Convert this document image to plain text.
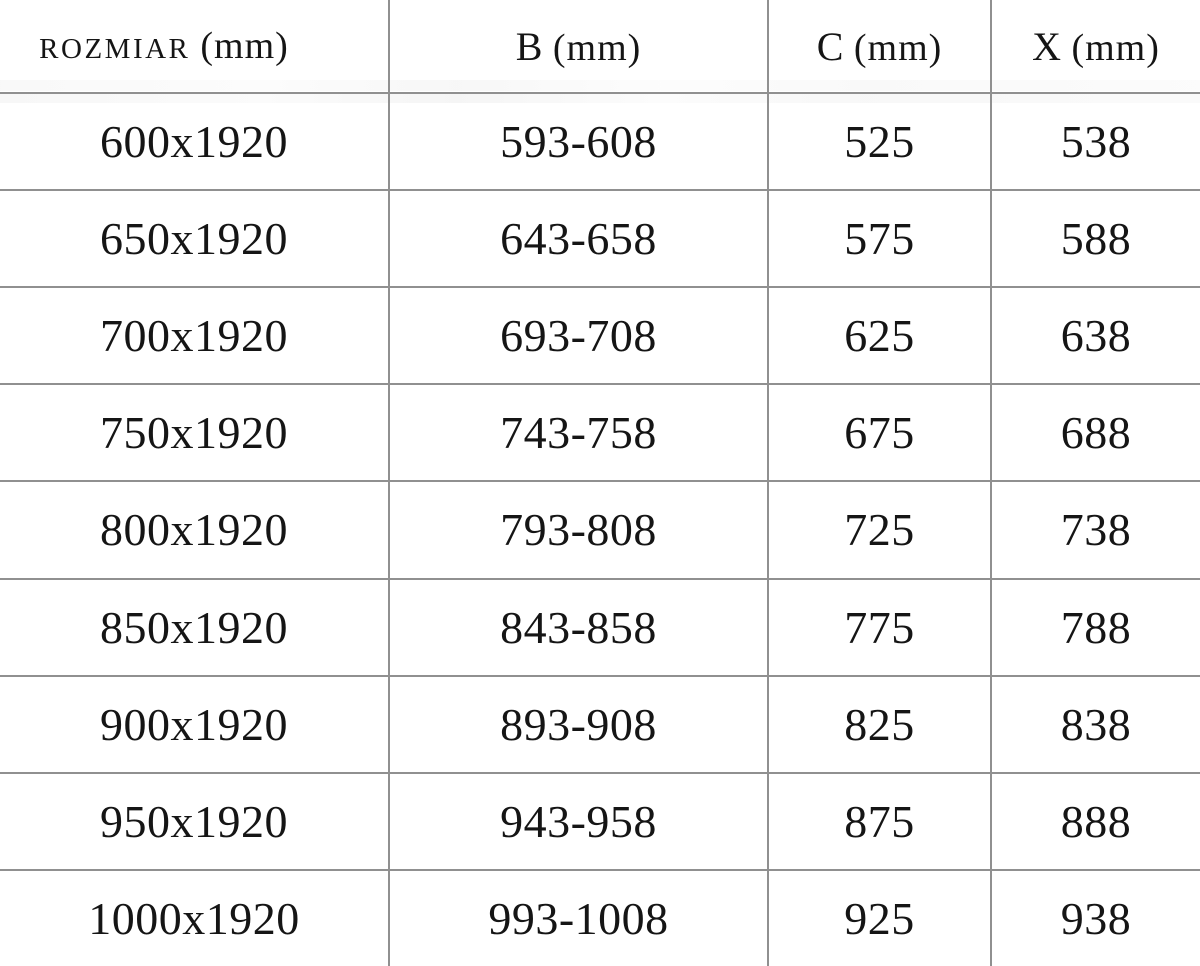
ROZMIAR (mm)	B (mm)	C (mm) X (mm)
600x1920	593-608	525	538
650x1920	643-658	575	588
700x1920	693-708	625	638
750x1920	743-758	675	688
800x1920	793-808	725	738
850x1920	843-858	775	788
900x1920	893-908	825	838
950x1920	943-958	875	888
1000x1920	993-1008	925	938
